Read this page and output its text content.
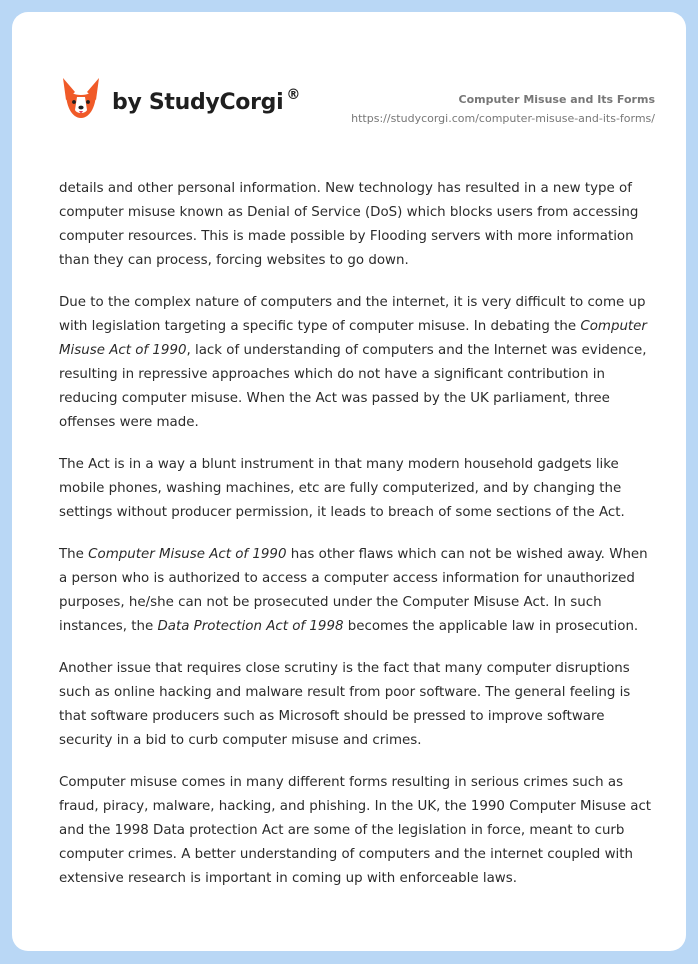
by StudyCorgi ®	Computer Misuse and Its Forms
https://studycorgi.com/computer-misuse-and-its-forms/

details and other personal information. New technology has resulted in a new type of computer misuse known as Denial of Service (DoS) which blocks users from accessing computer resources. This is made possible by Flooding servers with more information than they can process, forcing websites to go down.

Due to the complex nature of computers and the internet, it is very difficult to come up with legislation targeting a specific type of computer misuse. In debating the Computer Misuse Act of 1990, lack of understanding of computers and the Internet was evidence, resulting in repressive approaches which do not have a significant contribution in reducing computer misuse. When the Act was passed by the UK parliament, three offenses were made.

The Act is in a way a blunt instrument in that many modern household gadgets like mobile phones, washing machines, etc are fully computerized, and by changing the settings without producer permission, it leads to breach of some sections of the Act.

The Computer Misuse Act of 1990 has other flaws which can not be wished away. When a person who is authorized to access a computer access information for unauthorized purposes, he/she can not be prosecuted under the Computer Misuse Act. In such instances, the Data Protection Act of 1998 becomes the applicable law in prosecution.

Another issue that requires close scrutiny is the fact that many computer disruptions such as online hacking and malware result from poor software. The general feeling is that software producers such as Microsoft should be pressed to improve software security in a bid to curb computer misuse and crimes.

Computer misuse comes in many different forms resulting in serious crimes such as fraud, piracy, malware, hacking, and phishing. In the UK, the 1990 Computer Misuse act and the 1998 Data protection Act are some of the legislation in force, meant to curb computer crimes. A better understanding of computers and the internet coupled with extensive research is important in coming up with enforceable laws.
